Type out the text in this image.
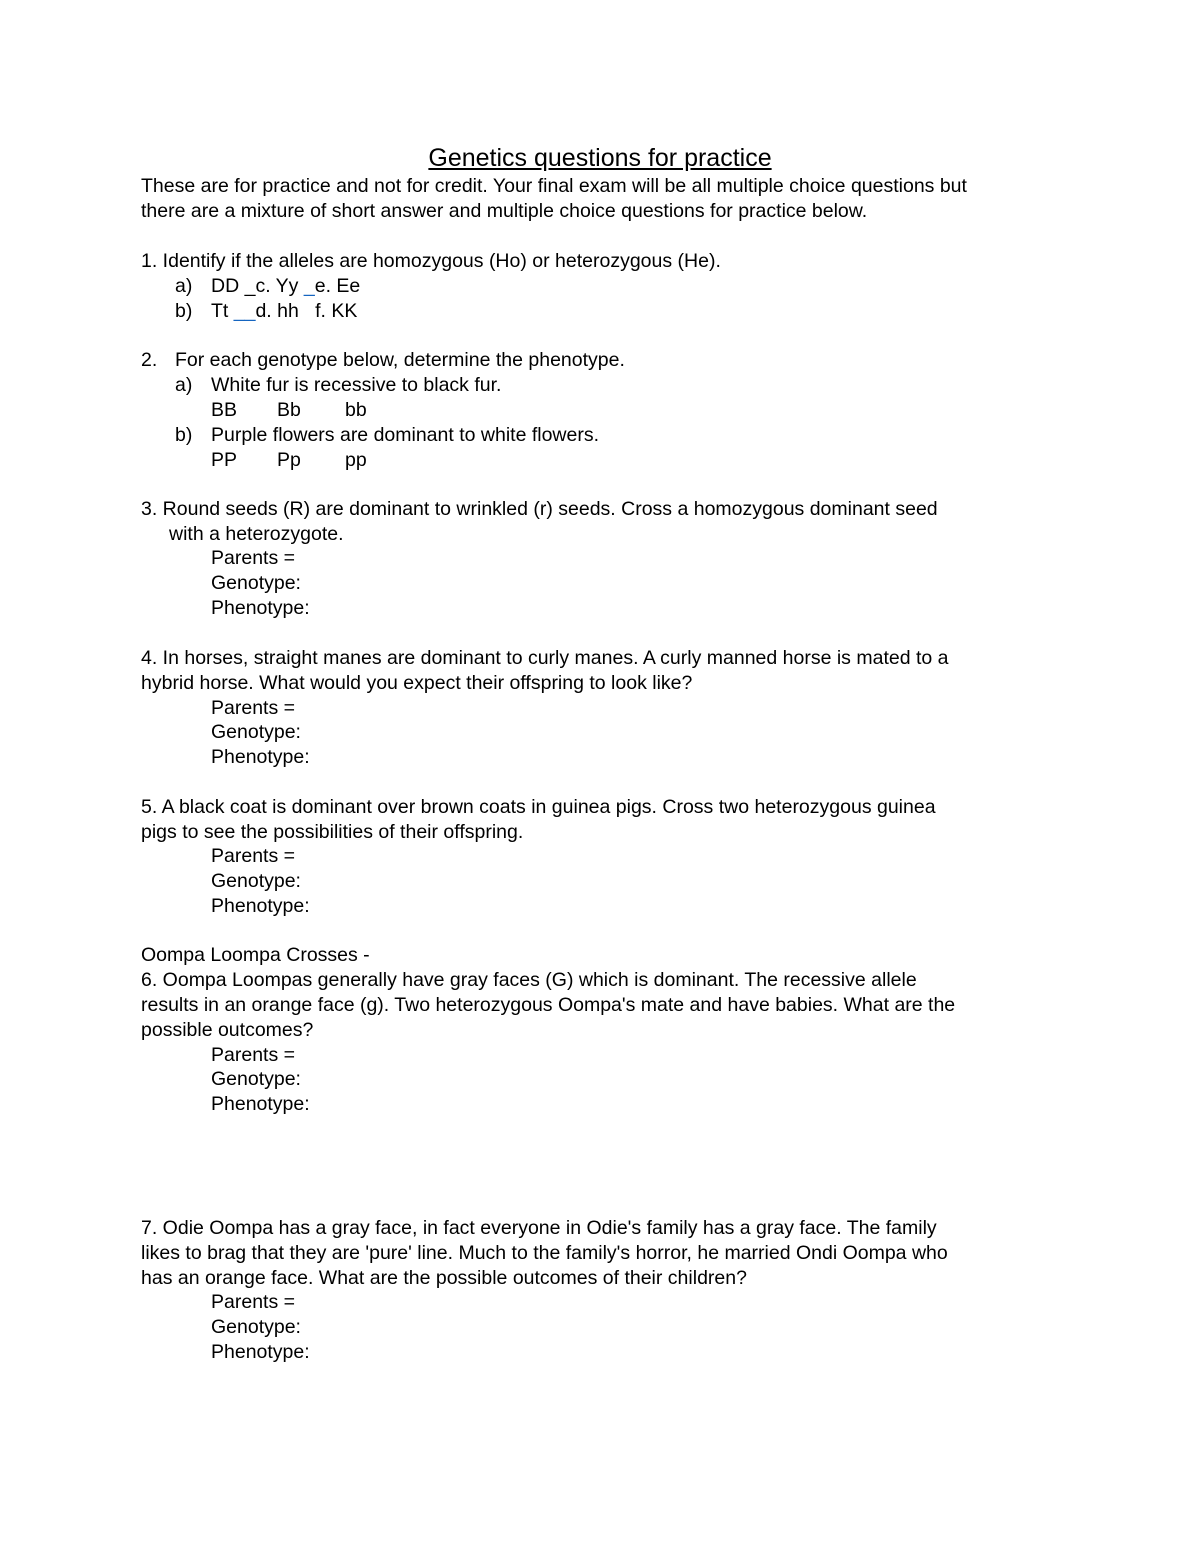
Genetics questions for practice
These are for practice and not for credit. Your final exam will be all multiple choice questions but
there are a mixture of short answer and multiple choice questions for practice below.
1. Identify if the alleles are homozygous (Ho) or heterozygous (He).
a) DD _c. Yy _e. Ee
b) Tt __d. hh   f. KK
2. For each genotype below, determine the phenotype.
a) White fur is recessive to black fur.
BB Bb bb
b) Purple flowers are dominant to white flowers.
PP Pp pp
3. Round seeds (R) are dominant to wrinkled (r) seeds. Cross a homozygous dominant seed
with a heterozygote.
Parents =
Genotype:
Phenotype:
4. In horses, straight manes are dominant to curly manes. A curly manned horse is mated to a
hybrid horse. What would you expect their offspring to look like?
Parents =
Genotype:
Phenotype:
5. A black coat is dominant over brown coats in guinea pigs. Cross two heterozygous guinea
pigs to see the possibilities of their offspring.
Parents =
Genotype:
Phenotype:
Oompa Loompa Crosses -
6. Oompa Loompas generally have gray faces (G) which is dominant. The recessive allele
results in an orange face (g). Two heterozygous Oompa's mate and have babies. What are the
possible outcomes?
Parents =
Genotype:
Phenotype:
7. Odie Oompa has a gray face, in fact everyone in Odie's family has a gray face. The family
likes to brag that they are 'pure' line. Much to the family's horror, he married Ondi Oompa who
has an orange face. What are the possible outcomes of their children?
Parents =
Genotype:
Phenotype:
